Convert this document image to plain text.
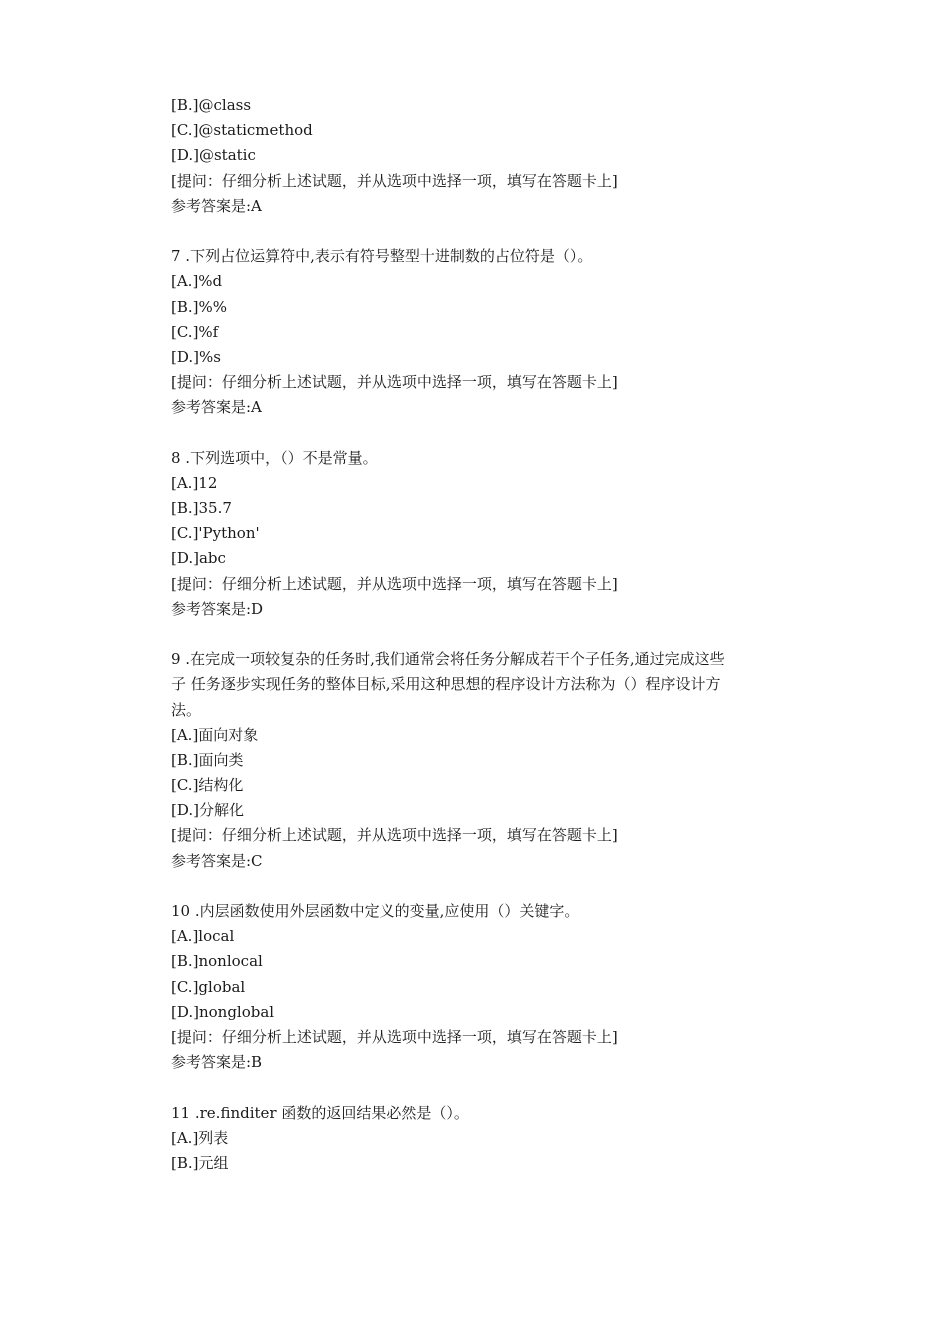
[B.]@class
[C.]@staticmethod
[D.]@static
[提问：仔细分析上述试题，并从选项中选择一项，填写在答题卡上]
参考答案是:A
7 .下列占位运算符中,表示有符号整型十进制数的占位符是（）。
[A.]%d
[B.]%%
[C.]%f
[D.]%s
[提问：仔细分析上述试题，并从选项中选择一项，填写在答题卡上]
参考答案是:A
8 .下列选项中，（）不是常量。
[A.]12
[B.]35.7
[C.]'Python'
[D.]abc
[提问：仔细分析上述试题，并从选项中选择一项，填写在答题卡上]
参考答案是:D
9 .在完成一项较复杂的任务时,我们通常会将任务分解成若干个子任务,通过完成这些
子 任务逐步实现任务的整体目标,采用这种思想的程序设计方法称为（）程序设计方
法。
[A.]面向对象
[B.]面向类
[C.]结构化
[D.]分解化
[提问：仔细分析上述试题，并从选项中选择一项，填写在答题卡上]
参考答案是:C
10 .内层函数使用外层函数中定义的变量,应使用（）关键字。
[A.]local
[B.]nonlocal
[C.]global
[D.]nonglobal
[提问：仔细分析上述试题，并从选项中选择一项，填写在答题卡上]
参考答案是:B
11 .re.finditer 函数的返回结果必然是（）。
[A.]列表
[B.]元组
